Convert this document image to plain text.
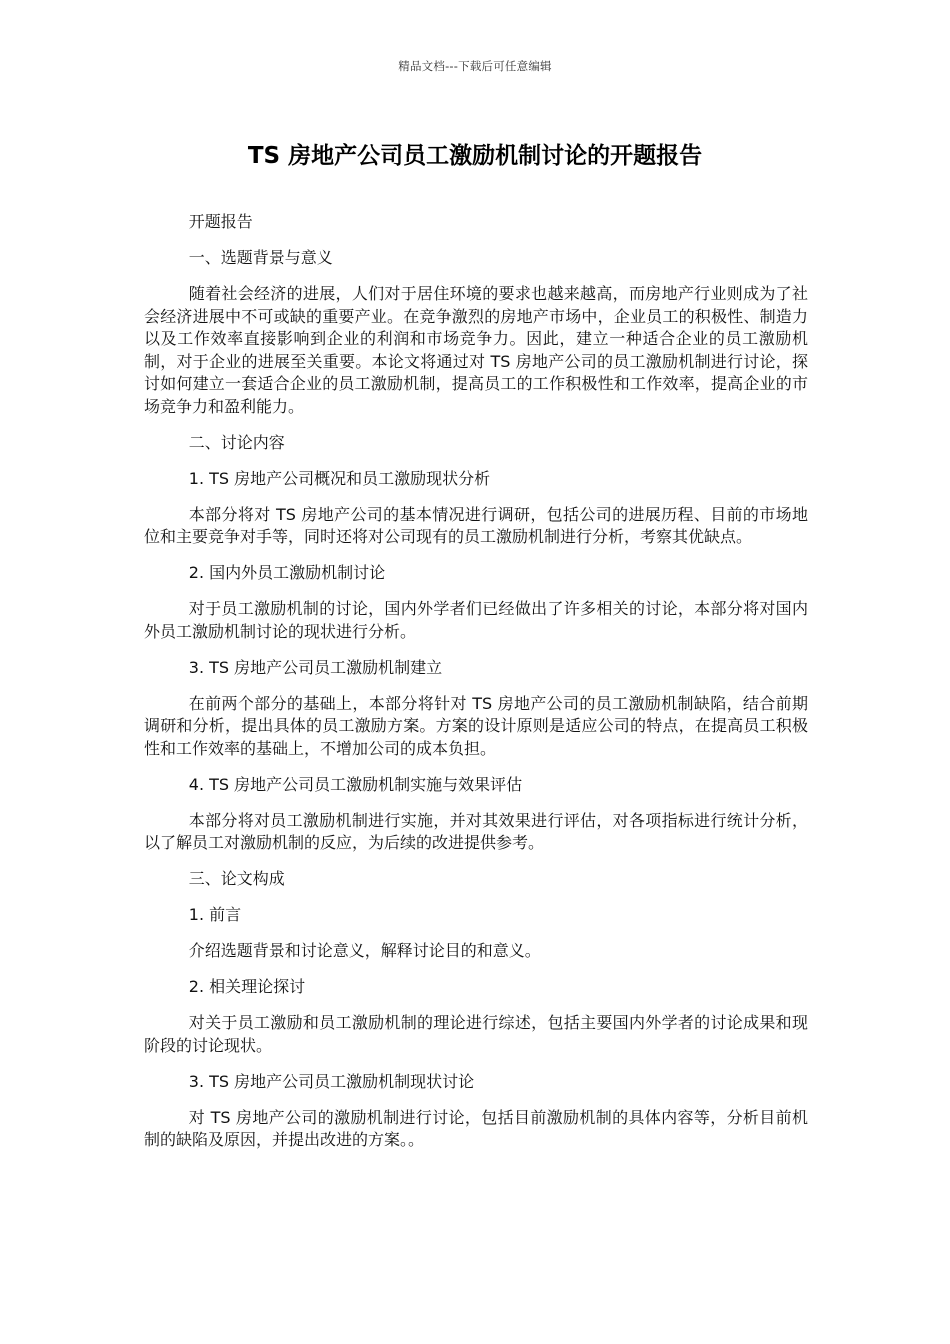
精品文档---下载后可任意编辑
TS 房地产公司员工激励机制讨论的开题报告

开题报告

一、选题背景与意义

随着社会经济的进展，人们对于居住环境的要求也越来越高，而房地产行业则成为了社会经济进展中不可或缺的重要产业。在竞争激烈的房地产市场中，企业员工的积极性、制造力以及工作效率直接影响到企业的利润和市场竞争力。因此，建立一种适合企业的员工激励机制，对于企业的进展至关重要。本论文将通过对 TS 房地产公司的员工激励机制进行讨论，探讨如何建立一套适合企业的员工激励机制，提高员工的工作积极性和工作效率，提高企业的市场竞争力和盈利能力。

二、讨论内容

1. TS 房地产公司概况和员工激励现状分析

本部分将对 TS 房地产公司的基本情况进行调研，包括公司的进展历程、目前的市场地位和主要竞争对手等，同时还将对公司现有的员工激励机制进行分析，考察其优缺点。

2. 国内外员工激励机制讨论

对于员工激励机制的讨论，国内外学者们已经做出了许多相关的讨论，本部分将对国内外员工激励机制讨论的现状进行分析。

3. TS 房地产公司员工激励机制建立

在前两个部分的基础上，本部分将针对 TS 房地产公司的员工激励机制缺陷，结合前期调研和分析，提出具体的员工激励方案。方案的设计原则是适应公司的特点，在提高员工积极性和工作效率的基础上，不增加公司的成本负担。

4. TS 房地产公司员工激励机制实施与效果评估

本部分将对员工激励机制进行实施，并对其效果进行评估，对各项指标进行统计分析，以了解员工对激励机制的反应，为后续的改进提供参考。

三、论文构成

1. 前言

介绍选题背景和讨论意义，解释讨论目的和意义。

2. 相关理论探讨

对关于员工激励和员工激励机制的理论进行综述，包括主要国内外学者的讨论成果和现阶段的讨论现状。

3. TS 房地产公司员工激励机制现状讨论

对 TS 房地产公司的激励机制进行讨论，包括目前激励机制的具体内容等，分析目前机制的缺陷及原因，并提出改进的方案。。
